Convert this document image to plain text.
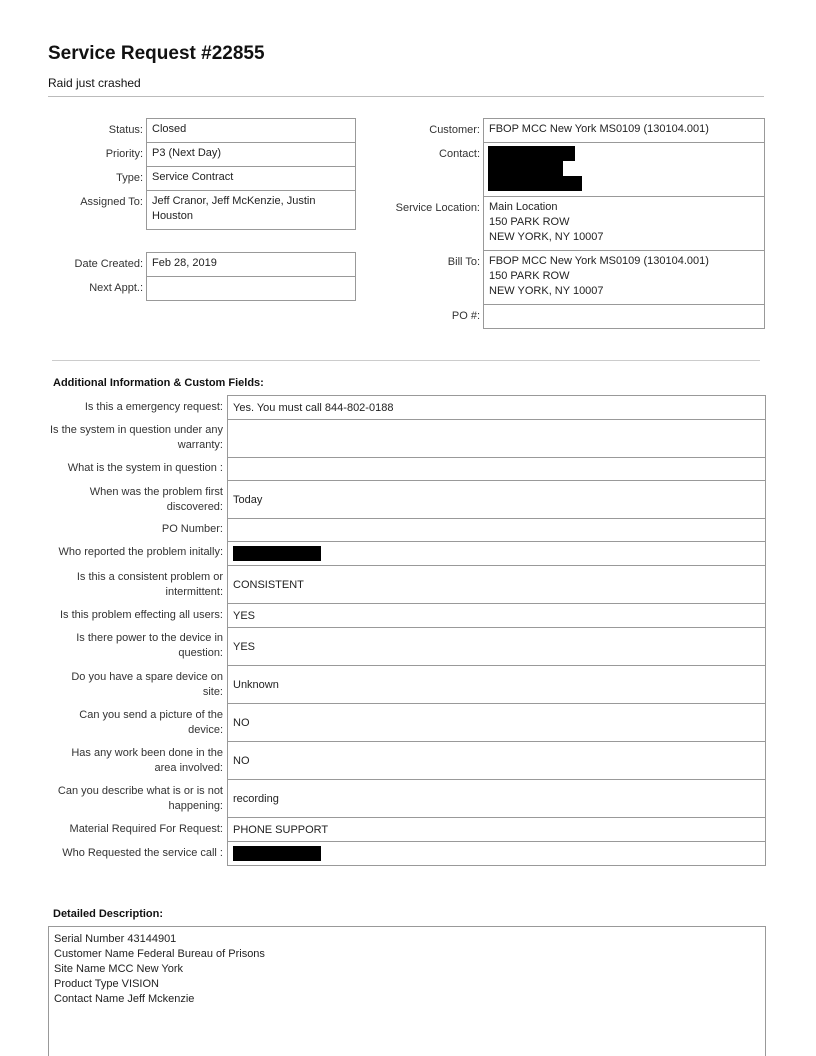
Service Request #22855
Raid just crashed
Status: Closed
Priority: P3 (Next Day)
Type: Service Contract
Assigned To: Jeff Cranor, Jeff McKenzie, Justin Houston
Date Created: Feb 28, 2019
Next Appt.:
Customer: FBOP MCC New York MS0109 (130104.001)
Contact:
Service Location: Main Location
150 PARK ROW
NEW YORK, NY 10007
Bill To: FBOP MCC New York MS0109 (130104.001)
150 PARK ROW
NEW YORK, NY 10007
PO #:
Additional Information & Custom Fields:
Is this a emergency request: Yes. You must call 844-802-0188
Is the system in question under any warranty:
What is the system in question :
When was the problem first discovered:
Today
PO Number:
Who reported the problem initally:
Is this a consistent problem or intermittent:
CONSISTENT
Is this problem effecting all users: YES
Is there power to the device in question:
YES
Do you have a spare device on site:
Unknown
Can you send a picture of the device:
NO
Has any work been done in the area involved:
NO
Can you describe what is or is not happening:
recording
Material Required For Request: PHONE SUPPORT
Who Requested the service call :
Detailed Description:
Serial Number 43144901
Customer Name Federal Bureau of Prisons
Site Name MCC New York
Product Type VISION
Contact Name Jeff Mckenzie
